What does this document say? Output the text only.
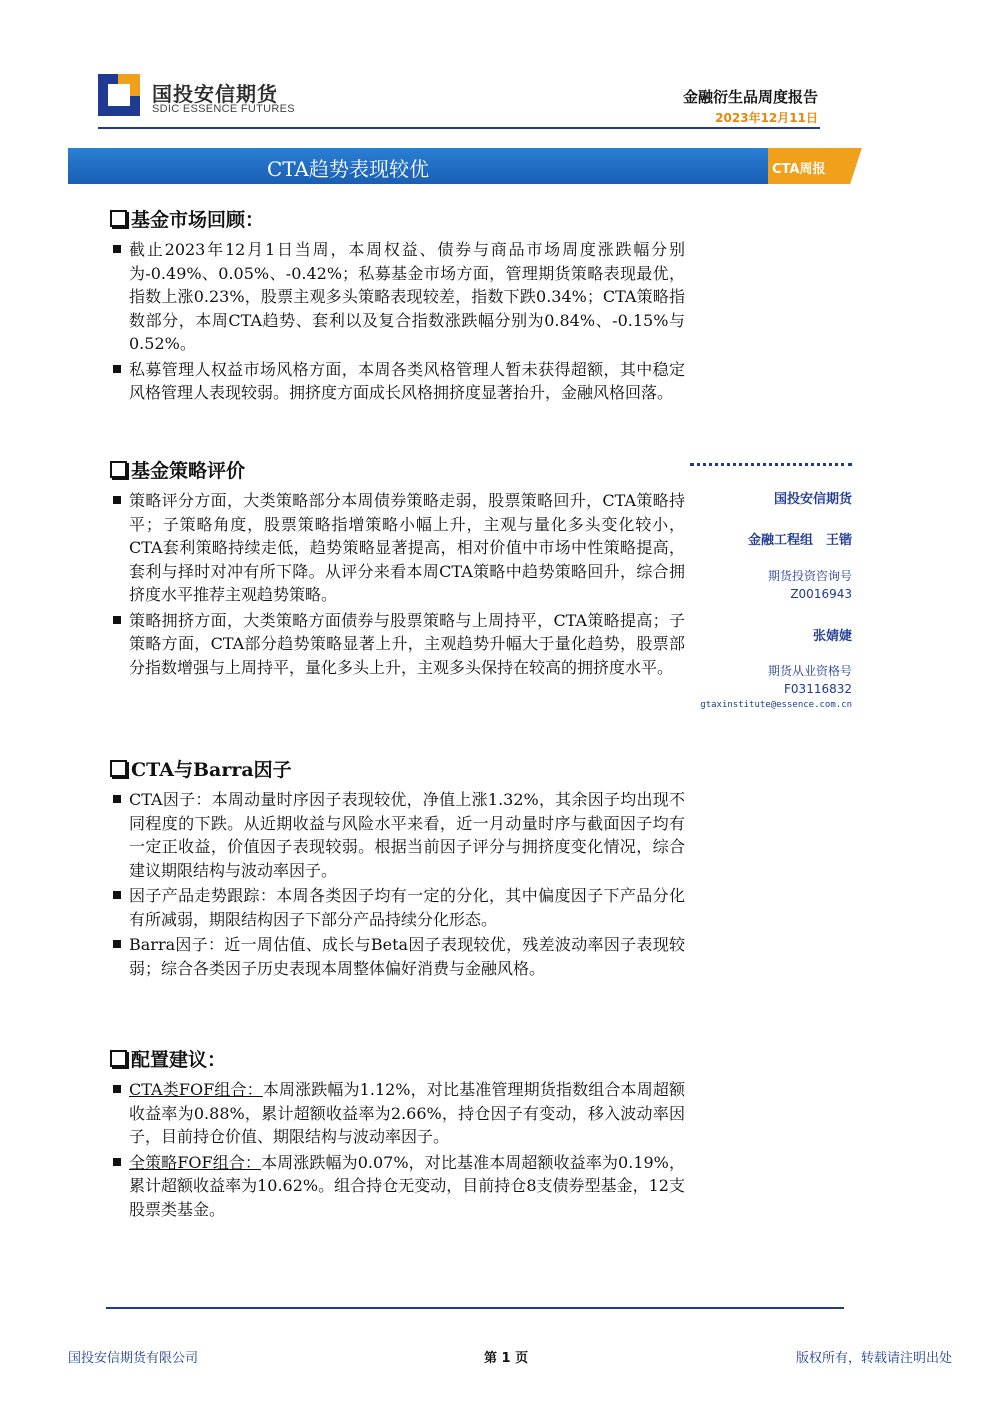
国投安信期货
SDIC ESSENCE FUTURES
金融衍生品周度报告
2023年12月11日
CTA趋势表现较优	CTA周报
基金市场回顾：
截止2023年12月1日当周，本周权益、债券与商品市场周度涨跌幅分别为-0.49%、0.05%、-0.42%；私募基金市场方面，管理期货策略表现最优，指数上涨0.23%，股票主观多头策略表现较差，指数下跌0.34%；CTA策略指数部分，本周CTA趋势、套利以及复合指数涨跌幅分别为0.84%、-0.15%与0.52%。
私募管理人权益市场风格方面，本周各类风格管理人暂未获得超额，其中稳定风格管理人表现较弱。拥挤度方面成长风格拥挤度显著抬升，金融风格回落。
基金策略评价
策略评分方面，大类策略部分本周债券策略走弱，股票策略回升，CTA策略持平；子策略角度，股票策略指增策略小幅上升，主观与量化多头变化较小，CTA套利策略持续走低，趋势策略显著提高，相对价值中市场中性策略提高，套利与择时对冲有所下降。从评分来看本周CTA策略中趋势策略回升，综合拥挤度水平推荐主观趋势策略。
策略拥挤方面，大类策略方面债券与股票策略与上周持平，CTA策略提高；子策略方面，CTA部分趋势策略显著上升，主观趋势升幅大于量化趋势，股票部分指数增强与上周持平，量化多头上升，主观多头保持在较高的拥挤度水平。
CTA与Barra因子
CTA因子：本周动量时序因子表现较优，净值上涨1.32%，其余因子均出现不同程度的下跌。从近期收益与风险水平来看，近一月动量时序与截面因子均有一定正收益，价值因子表现较弱。根据当前因子评分与拥挤度变化情况，综合建议期限结构与波动率因子。
因子产品走势跟踪：本周各类因子均有一定的分化，其中偏度因子下产品分化有所减弱，期限结构因子下部分产品持续分化形态。
Barra因子：近一周估值、成长与Beta因子表现较优，残差波动率因子表现较弱；综合各类因子历史表现本周整体偏好消费与金融风格。
配置建议：
CTA类FOF组合：本周涨跌幅为1.12%，对比基准管理期货指数组合本周超额收益率为0.88%，累计超额收益率为2.66%，持仓因子有变动，移入波动率因子，目前持仓价值、期限结构与波动率因子。
全策略FOF组合：本周涨跌幅为0.07%，对比基准本周超额收益率为0.19%，累计超额收益率为10.62%。组合持仓无变动，目前持仓8支债券型基金，12支股票类基金。
国投安信期货
金融工程组　王锴
期货投资咨询号
Z0016943
张婧婕
期货从业资格号
F03116832
gtaxinstitute@essence.com.cn
国投安信期货有限公司	第 1 页	版权所有，转载请注明出处
